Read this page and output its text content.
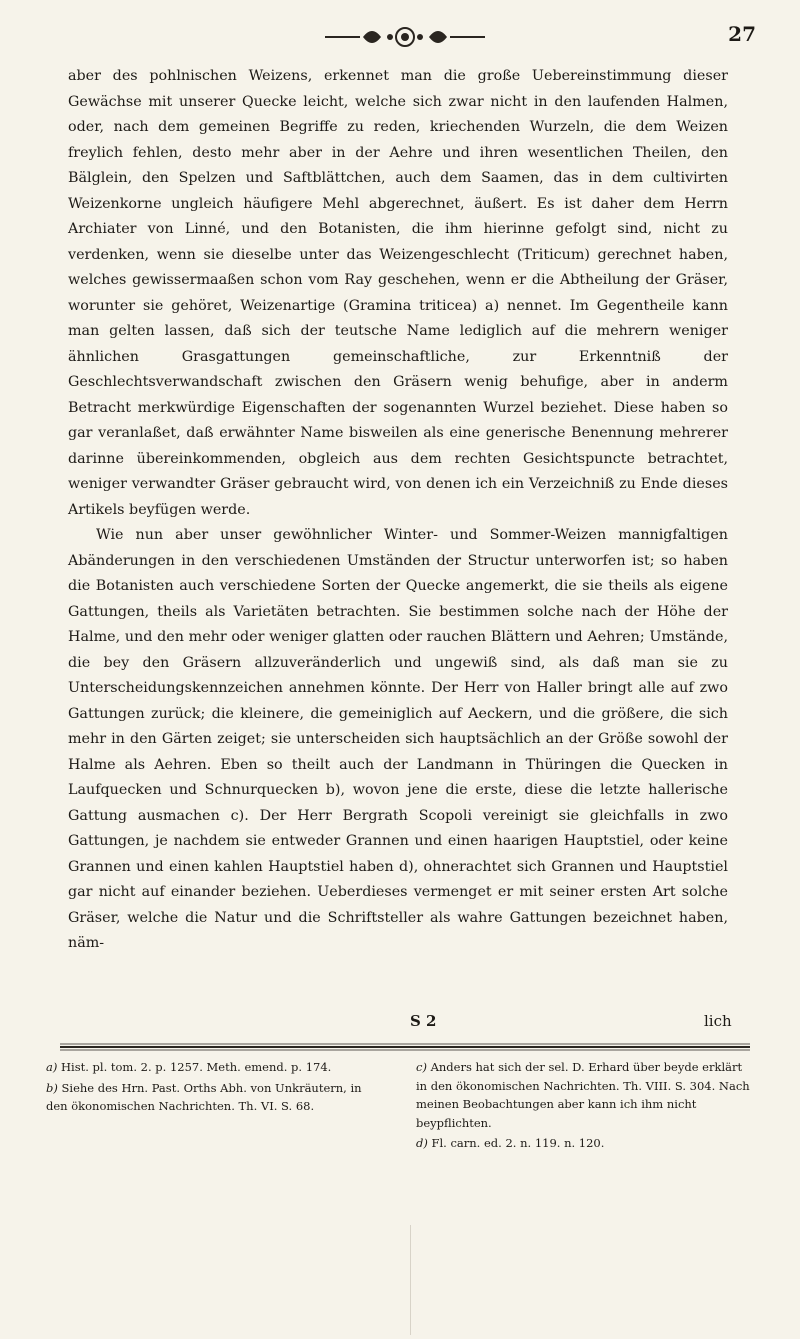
27

aber des pohlnischen Weizens, erkennet man die große Uebereinstimmung dieser Gewächse mit unserer Quecke leicht, welche sich zwar nicht in den laufenden Halmen, oder, nach dem gemeinen Begriffe zu reden, kriechenden Wurzeln, die dem Weizen freylich fehlen, desto mehr aber in der Aehre und ihren wesentlichen Theilen, den Bälglein, den Spelzen und Saftblättchen, auch dem Saamen, das in dem cultivirten Weizenkorne ungleich häufigere Mehl abgerechnet, äußert. Es ist daher dem Herrn Archiater von Linné, und den Botanisten, die ihm hierinne gefolgt sind, nicht zu verdenken, wenn sie dieselbe unter das Weizengeschlecht (Triticum) gerechnet haben, welches gewissermaaßen schon vom Ray geschehen, wenn er die Abtheilung der Gräser, worunter sie gehöret, Weizenartige (Gramina triticea) a) nennet. Im Gegentheile kann man gelten lassen, daß sich der teutsche Name lediglich auf die mehrern weniger ähnlichen Grasgattungen gemeinschaftliche, zur Erkenntniß der Geschlechtsverwandschaft zwischen den Gräsern wenig behufige, aber in anderm Betracht merkwürdige Eigenschaften der sogenannten Wurzel beziehet. Diese haben so gar veranlaßet, daß erwähnter Name bisweilen als eine generische Benennung mehrerer darinne übereinkommenden, obgleich aus dem rechten Gesichtspuncte betrachtet, weniger verwandter Gräser gebraucht wird, von denen ich ein Verzeichniß zu Ende dieses Artikels beyfügen werde.

Wie nun aber unser gewöhnlicher Winter- und Sommer-Weizen mannigfaltigen Abänderungen in den verschiedenen Umständen der Structur unterworfen ist; so haben die Botanisten auch verschiedene Sorten der Quecke angemerkt, die sie theils als eigene Gattungen, theils als Varietäten betrachten. Sie bestimmen solche nach der Höhe der Halme, und den mehr oder weniger glatten oder rauchen Blättern und Aehren; Umstände, die bey den Gräsern allzuveränderlich und ungewiß sind, als daß man sie zu Unterscheidungskennzeichen annehmen könnte. Der Herr von Haller bringt alle auf zwo Gattungen zurück; die kleinere, die gemeiniglich auf Aeckern, und die größere, die sich mehr in den Gärten zeiget; sie unterscheiden sich hauptsächlich an der Größe sowohl der Halme als Aehren. Eben so theilt auch der Landmann in Thüringen die Quecken in Laufquecken und Schnurquecken b), wovon jene die erste, diese die letzte hallerische Gattung ausmachen c). Der Herr Bergrath Scopoli vereinigt sie gleichfalls in zwo Gattungen, je nachdem sie entweder Grannen und einen haarigen Hauptstiel, oder keine Grannen und einen kahlen Hauptstiel haben d), ohnerachtet sich Grannen und Hauptstiel gar nicht auf einander beziehen. Ueberdieses vermenget er mit seiner ersten Art solche Gräser, welche die Natur und die Schriftsteller als wahre Gattungen bezeichnet haben, näm-

S 2	lich

a) Hist. pl. tom. 2. p. 1257. Meth. emend. p. 174.

b) Siehe des Hrn. Past. Orths Abh. von Unkräutern, in den ökonomischen Nachrichten. Th. VI. S. 68.

c) Anders hat sich der sel. D. Erhard über beyde erklärt in den ökonomischen Nachrichten. Th. VIII. S. 304. Nach meinen Beobachtungen aber kann ich ihm nicht beypflichten.

d) Fl. carn. ed. 2. n. 119. n. 120.
